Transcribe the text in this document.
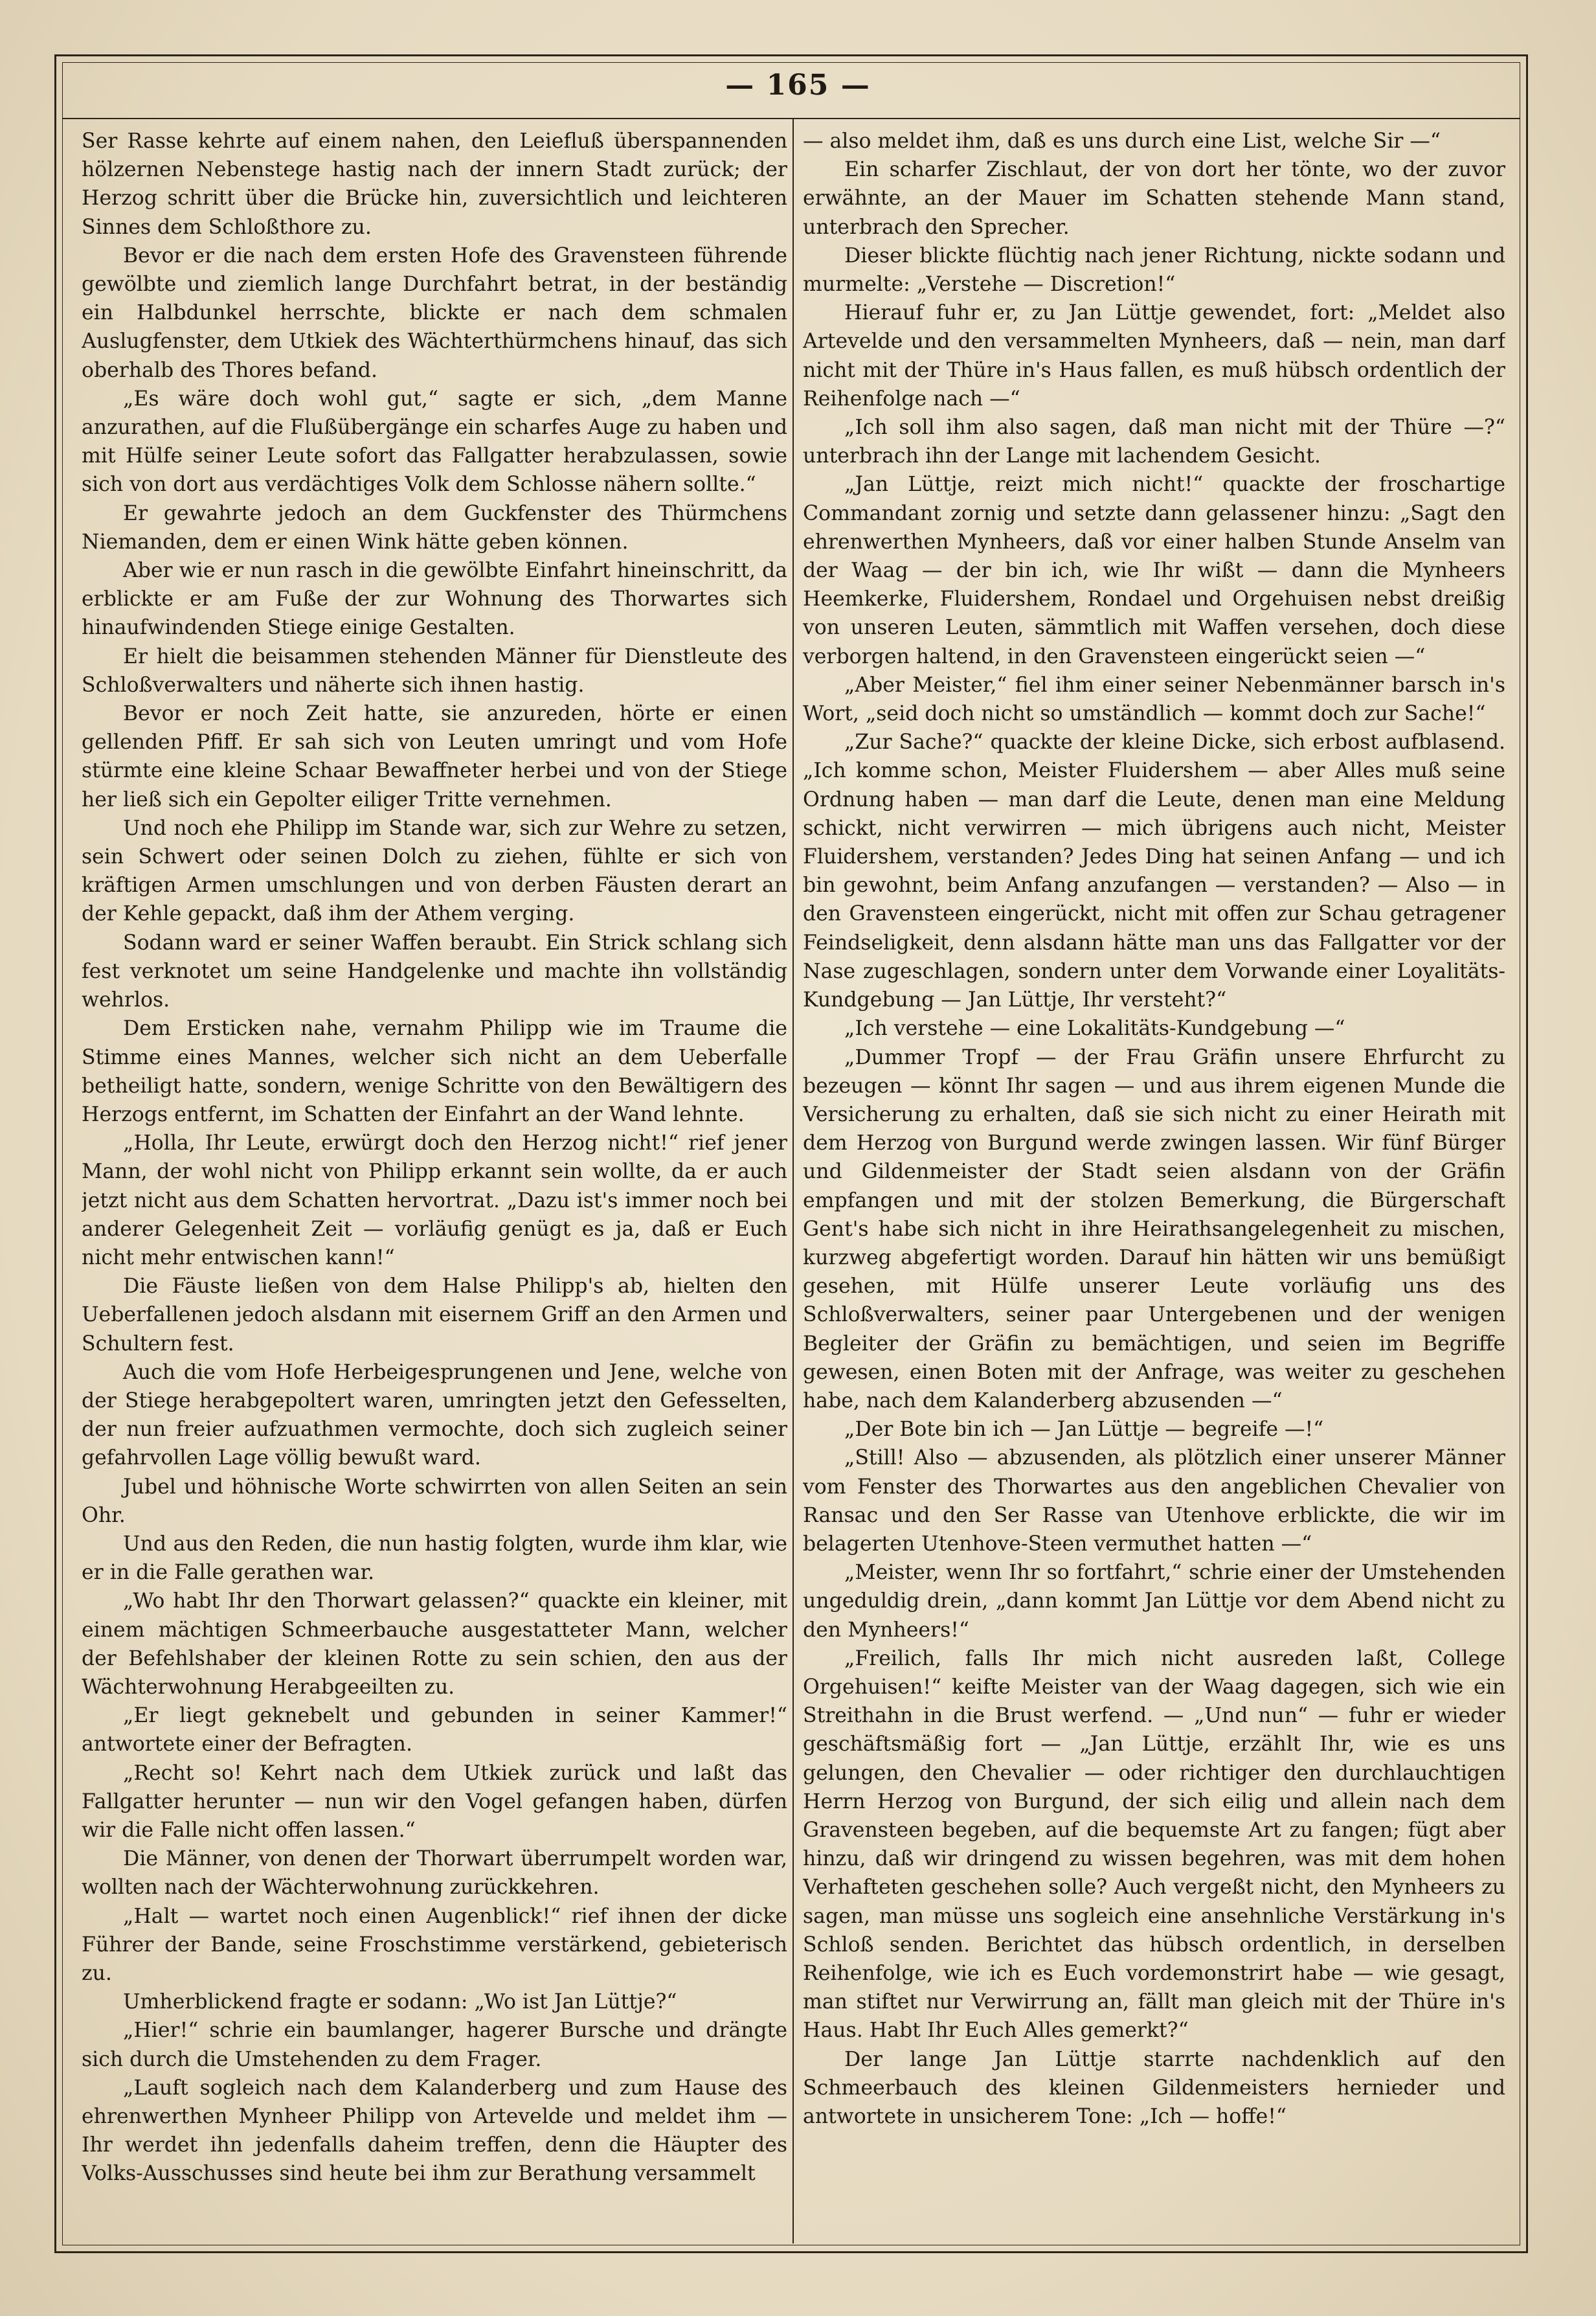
— 165 —

Ser Rasse kehrte auf einem nahen, den Leiefluß überspannenden hölzernen Nebenstege hastig nach der innern Stadt zurück; der Herzog schritt über die Brücke hin, zuversichtlich und leichteren Sinnes dem Schloßthore zu.

Bevor er die nach dem ersten Hofe des Gravensteen führende gewölbte und ziemlich lange Durchfahrt betrat, in der beständig ein Halbdunkel herrschte, blickte er nach dem schmalen Auslugfenster, dem Utkiek des Wächterthürmchens hinauf, das sich oberhalb des Thores befand.

„Es wäre doch wohl gut,“ sagte er sich, „dem Manne anzurathen, auf die Flußübergänge ein scharfes Auge zu haben und mit Hülfe seiner Leute sofort das Fallgatter herabzulassen, sowie sich von dort aus verdächtiges Volk dem Schlosse nähern sollte.“

Er gewahrte jedoch an dem Guckfenster des Thürmchens Niemanden, dem er einen Wink hätte geben können.

Aber wie er nun rasch in die gewölbte Einfahrt hineinschritt, da erblickte er am Fuße der zur Wohnung des Thorwartes sich hinaufwindenden Stiege einige Gestalten.

Er hielt die beisammen stehenden Männer für Dienstleute des Schloßverwalters und näherte sich ihnen hastig.

Bevor er noch Zeit hatte, sie anzureden, hörte er einen gellenden Pfiff. Er sah sich von Leuten umringt und vom Hofe stürmte eine kleine Schaar Bewaffneter herbei und von der Stiege her ließ sich ein Gepolter eiliger Tritte vernehmen.

Und noch ehe Philipp im Stande war, sich zur Wehre zu setzen, sein Schwert oder seinen Dolch zu ziehen, fühlte er sich von kräftigen Armen umschlungen und von derben Fäusten derart an der Kehle gepackt, daß ihm der Athem verging.

Sodann ward er seiner Waffen beraubt. Ein Strick schlang sich fest verknotet um seine Handgelenke und machte ihn vollständig wehrlos.

Dem Ersticken nahe, vernahm Philipp wie im Traume die Stimme eines Mannes, welcher sich nicht an dem Ueberfalle betheiligt hatte, sondern, wenige Schritte von den Bewältigern des Herzogs entfernt, im Schatten der Einfahrt an der Wand lehnte.

„Holla, Ihr Leute, erwürgt doch den Herzog nicht!“ rief jener Mann, der wohl nicht von Philipp erkannt sein wollte, da er auch jetzt nicht aus dem Schatten hervortrat. „Dazu ist's immer noch bei anderer Gelegenheit Zeit — vorläufig genügt es ja, daß er Euch nicht mehr entwischen kann!“

Die Fäuste ließen von dem Halse Philipp's ab, hielten den Ueberfallenen jedoch alsdann mit eisernem Griff an den Armen und Schultern fest.

Auch die vom Hofe Herbeigesprungenen und Jene, welche von der Stiege herabgepoltert waren, umringten jetzt den Gefesselten, der nun freier aufzuathmen vermochte, doch sich zugleich seiner gefahrvollen Lage völlig bewußt ward.

Jubel und höhnische Worte schwirrten von allen Seiten an sein Ohr.

Und aus den Reden, die nun hastig folgten, wurde ihm klar, wie er in die Falle gerathen war.

„Wo habt Ihr den Thorwart gelassen?“ quackte ein kleiner, mit einem mächtigen Schmeerbauche ausgestatteter Mann, welcher der Befehlshaber der kleinen Rotte zu sein schien, den aus der Wächterwohnung Herabgeeilten zu.

„Er liegt geknebelt und gebunden in seiner Kammer!“ antwortete einer der Befragten.

„Recht so! Kehrt nach dem Utkiek zurück und laßt das Fallgatter herunter — nun wir den Vogel gefangen haben, dürfen wir die Falle nicht offen lassen.“

Die Männer, von denen der Thorwart überrumpelt worden war, wollten nach der Wächterwohnung zurückkehren.

„Halt — wartet noch einen Augenblick!“ rief ihnen der dicke Führer der Bande, seine Froschstimme verstärkend, gebieterisch zu.

Umherblickend fragte er sodann: „Wo ist Jan Lüttje?“

„Hier!“ schrie ein baumlanger, hagerer Bursche und drängte sich durch die Umstehenden zu dem Frager.

„Lauft sogleich nach dem Kalanderberg und zum Hause des ehrenwerthen Mynheer Philipp von Artevelde und meldet ihm — Ihr werdet ihn jedenfalls daheim treffen, denn die Häupter des Volks-Ausschusses sind heute bei ihm zur Berathung versammelt

— also meldet ihm, daß es uns durch eine List, welche Sir —“

Ein scharfer Zischlaut, der von dort her tönte, wo der zuvor erwähnte, an der Mauer im Schatten stehende Mann stand, unterbrach den Sprecher.

Dieser blickte flüchtig nach jener Richtung, nickte sodann und murmelte: „Verstehe — Discretion!“

Hierauf fuhr er, zu Jan Lüttje gewendet, fort: „Meldet also Artevelde und den versammelten Mynheers, daß — nein, man darf nicht mit der Thüre in's Haus fallen, es muß hübsch ordentlich der Reihenfolge nach —“

„Ich soll ihm also sagen, daß man nicht mit der Thüre —?“ unterbrach ihn der Lange mit lachendem Gesicht.

„Jan Lüttje, reizt mich nicht!“ quackte der froschartige Commandant zornig und setzte dann gelassener hinzu: „Sagt den ehrenwerthen Mynheers, daß vor einer halben Stunde Anselm van der Waag — der bin ich, wie Ihr wißt — dann die Mynheers Heemkerke, Fluidershem, Rondael und Orgehuisen nebst dreißig von unseren Leuten, sämmtlich mit Waffen versehen, doch diese verborgen haltend, in den Gravensteen eingerückt seien —“

„Aber Meister,“ fiel ihm einer seiner Nebenmänner barsch in's Wort, „seid doch nicht so umständlich — kommt doch zur Sache!“

„Zur Sache?“ quackte der kleine Dicke, sich erbost aufblasend. „Ich komme schon, Meister Fluidershem — aber Alles muß seine Ordnung haben — man darf die Leute, denen man eine Meldung schickt, nicht verwirren — mich übrigens auch nicht, Meister Fluidershem, verstanden? Jedes Ding hat seinen Anfang — und ich bin gewohnt, beim Anfang anzufangen — verstanden? — Also — in den Gravensteen eingerückt, nicht mit offen zur Schau getragener Feindseligkeit, denn alsdann hätte man uns das Fallgatter vor der Nase zugeschlagen, sondern unter dem Vorwande einer Loyalitäts-Kundgebung — Jan Lüttje, Ihr versteht?“

„Ich verstehe — eine Lokalitäts-Kundgebung —“

„Dummer Tropf — der Frau Gräfin unsere Ehrfurcht zu bezeugen — könnt Ihr sagen — und aus ihrem eigenen Munde die Versicherung zu erhalten, daß sie sich nicht zu einer Heirath mit dem Herzog von Burgund werde zwingen lassen. Wir fünf Bürger und Gildenmeister der Stadt seien alsdann von der Gräfin empfangen und mit der stolzen Bemerkung, die Bürgerschaft Gent's habe sich nicht in ihre Heirathsangelegenheit zu mischen, kurzweg abgefertigt worden. Darauf hin hätten wir uns bemüßigt gesehen, mit Hülfe unserer Leute vorläufig uns des Schloßverwalters, seiner paar Untergebenen und der wenigen Begleiter der Gräfin zu bemächtigen, und seien im Begriffe gewesen, einen Boten mit der Anfrage, was weiter zu geschehen habe, nach dem Kalanderberg abzusenden —“

„Der Bote bin ich — Jan Lüttje — begreife —!“

„Still! Also — abzusenden, als plötzlich einer unserer Männer vom Fenster des Thorwartes aus den angeblichen Chevalier von Ransac und den Ser Rasse van Utenhove erblickte, die wir im belagerten Utenhove-Steen vermuthet hatten —“

„Meister, wenn Ihr so fortfahrt,“ schrie einer der Umstehenden ungeduldig drein, „dann kommt Jan Lüttje vor dem Abend nicht zu den Mynheers!“

„Freilich, falls Ihr mich nicht ausreden laßt, College Orgehuisen!“ keifte Meister van der Waag dagegen, sich wie ein Streithahn in die Brust werfend. — „Und nun“ — fuhr er wieder geschäftsmäßig fort — „Jan Lüttje, erzählt Ihr, wie es uns gelungen, den Chevalier — oder richtiger den durchlauchtigen Herrn Herzog von Burgund, der sich eilig und allein nach dem Gravensteen begeben, auf die bequemste Art zu fangen; fügt aber hinzu, daß wir dringend zu wissen begehren, was mit dem hohen Verhafteten geschehen solle? Auch vergeßt nicht, den Mynheers zu sagen, man müsse uns sogleich eine ansehnliche Verstärkung in's Schloß senden. Berichtet das hübsch ordentlich, in derselben Reihenfolge, wie ich es Euch vordemonstrirt habe — wie gesagt, man stiftet nur Verwirrung an, fällt man gleich mit der Thüre in's Haus. Habt Ihr Euch Alles gemerkt?“

Der lange Jan Lüttje starrte nachdenklich auf den Schmeerbauch des kleinen Gildenmeisters hernieder und antwortete in unsicherem Tone: „Ich — hoffe!“
